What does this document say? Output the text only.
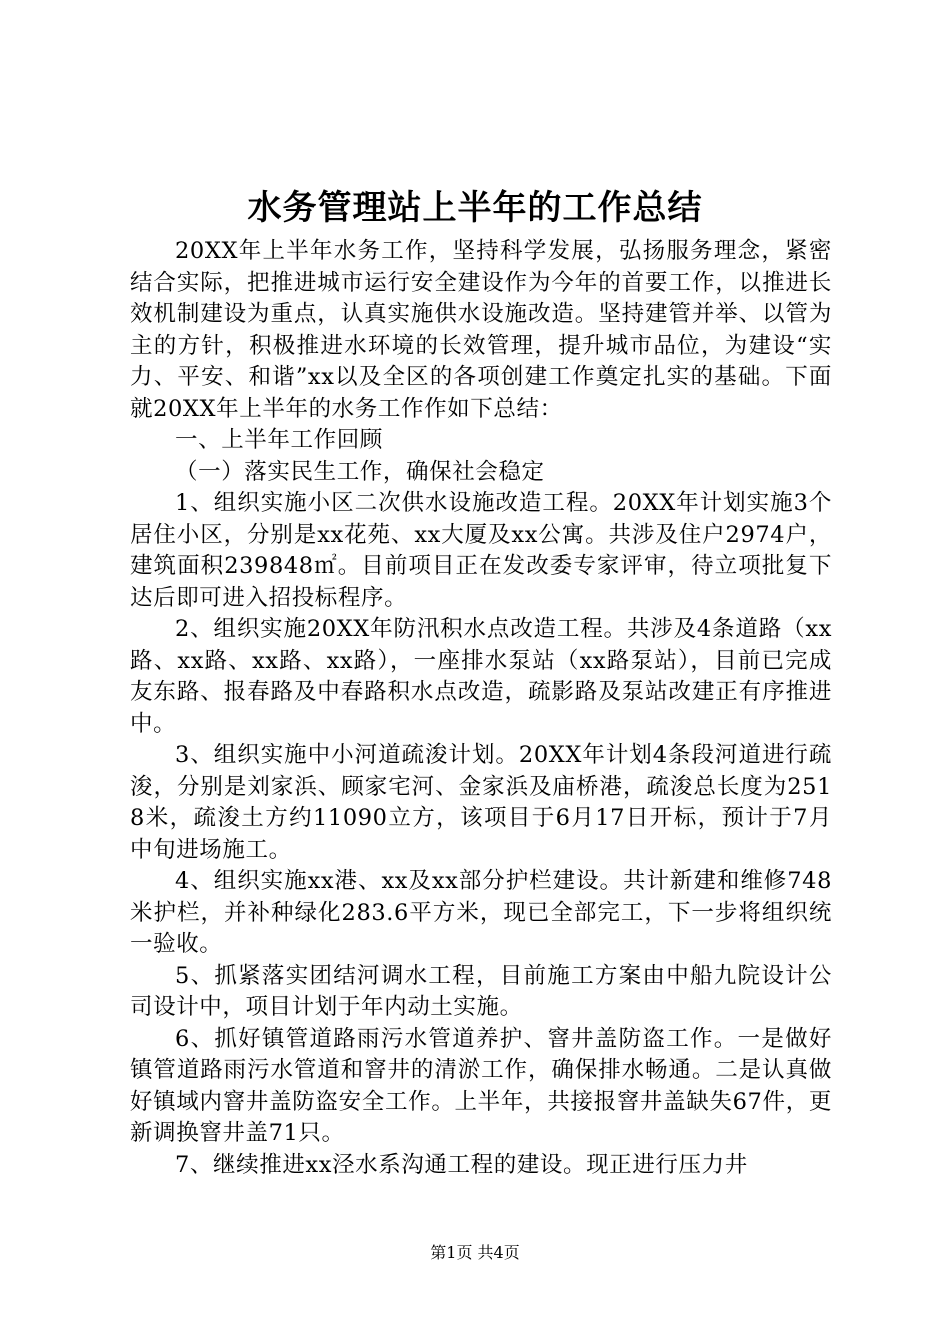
水务管理站上半年的工作总结

20XX年上半年水务工作，坚持科学发展，弘扬服务理念，紧密结合实际，把推进城市运行安全建设作为今年的首要工作，以推进长效机制建设为重点，认真实施供水设施改造。坚持建管并举、以管为主的方针，积极推进水环境的长效管理，提升城市品位，为建设“实力、平安、和谐”xx以及全区的各项创建工作奠定扎实的基础。下面就20XX年上半年的水务工作作如下总结：

一、上半年工作回顾

（一）落实民生工作，确保社会稳定

1、组织实施小区二次供水设施改造工程。20XX年计划实施3个居住小区，分别是xx花苑、xx大厦及xx公寓。共涉及住户2974户，建筑面积239848㎡。目前项目正在发改委专家评审，待立项批复下达后即可进入招投标程序。

2、组织实施20XX年防汛积水点改造工程。共涉及4条道路（xx路、xx路、xx路、xx路），一座排水泵站（xx路泵站），目前已完成友东路、报春路及中春路积水点改造，疏影路及泵站改建正有序推进中。

3、组织实施中小河道疏浚计划。20XX年计划4条段河道进行疏浚，分别是刘家浜、顾家宅河、金家浜及庙桥港，疏浚总长度为2518米，疏浚土方约11090立方，该项目于6月17日开标，预计于7月中旬进场施工。

4、组织实施xx港、xx及xx部分护栏建设。共计新建和维修748米护栏，并补种绿化283.6平方米，现已全部完工，下一步将组织统一验收。

5、抓紧落实团结河调水工程，目前施工方案由中船九院设计公司设计中，项目计划于年内动土实施。

6、抓好镇管道路雨污水管道养护、窨井盖防盗工作。一是做好镇管道路雨污水管道和窨井的清淤工作，确保排水畅通。二是认真做好镇域内窨井盖防盗安全工作。上半年，共接报窨井盖缺失67件，更新调换窨井盖71只。

7、继续推进xx泾水系沟通工程的建设。现正进行压力井

第1页 共4页
